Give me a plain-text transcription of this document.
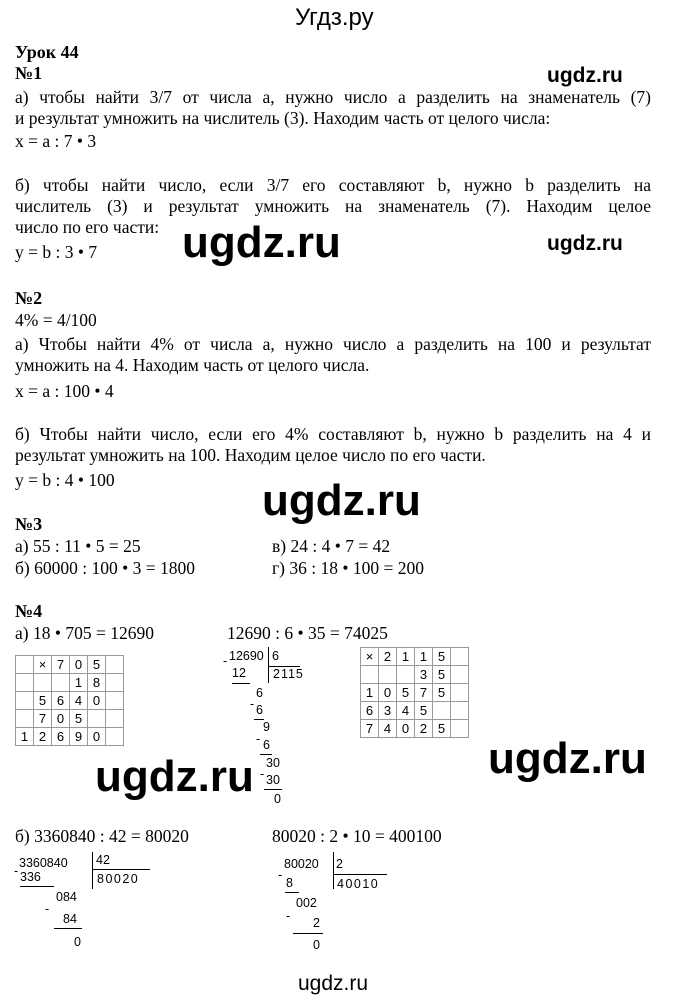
Угдз.ру
Урок 44
№1	ugdz.ru
а) чтобы найти 3/7 от числа a, нужно число a разделить на знаменатель (7)
и результат умножить на числитель (3). Находим часть от целого числа:
x = a : 7 • 3
б) чтобы найти число, если 3/7 его составляют b, нужно b разделить на
числитель (3) и результат умножить на знаменатель (7). Находим целое
число по его части: ugdz.ru	ugdz.ru
y = b : 3 • 7
№2
4% = 4/100
а) Чтобы найти 4% от числа a, нужно число a разделить на 100 и результат
умножить на 4. Находим часть от целого числа.
x = a : 100 • 4
б) Чтобы найти число, если его 4% составляют b, нужно b разделить на 4 и
результат умножить на 100. Находим целое число по его части.
y = b : 4 • 100	ugdz.ru
№3
а) 55 : 11 • 5 = 25	в) 24 : 4 • 7 = 42
б) 60000 : 100 • 3 = 1800	г) 36 : 18 • 100 = 200
№4
а) 18 • 705 = 12690	12690 : 6 • 35 = 74025
	×	7	0	5	
			1	8	
	5	6	4	0	
	7	0	5		
1	2	6	9	0	
- 12690 6
2115
12
6
- 6
9
- 6
30
- 30
0
×	2	1	1	5	
			3	5	
1	0	5	7	5	
6	3	4	5		
7	4	0	2	5	
ugdz.ru
ugdz.ru
б) 3360840 : 42 = 80020	80020 : 2 • 10 = 400100
3360840 42
80020
- 336
084
-
84
0
80020 2
40010
-
8
002
- 2
0
ugdz.ru
